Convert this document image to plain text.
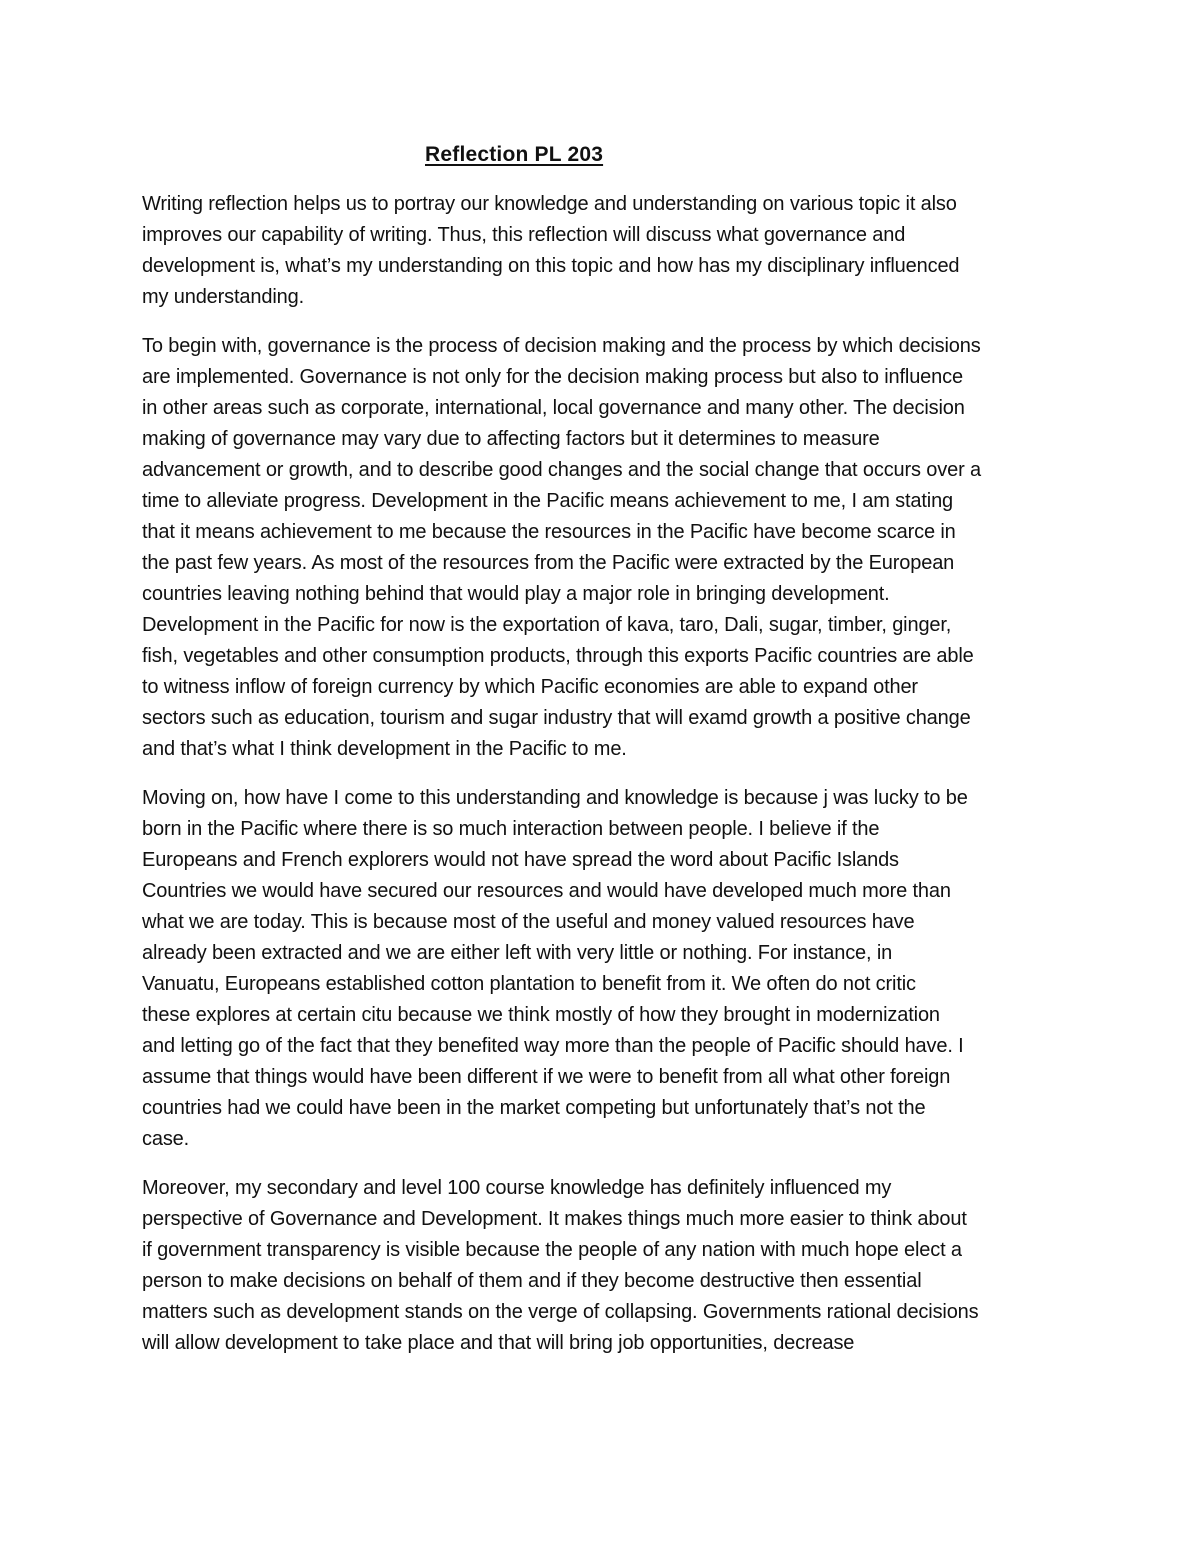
Reflection PL 203

Writing reflection helps us to portray our knowledge and understanding on various topic it also
improves our capability of writing. Thus, this reflection will discuss what governance and
development is, what’s my understanding on this topic and how has my disciplinary influenced
my understanding.

To begin with, governance is the process of decision making and the process by which decisions
are implemented. Governance is not only for the decision making process but also to influence
in other areas such as corporate, international, local governance and many other. The decision
making of governance may vary due to affecting factors but it determines to measure
advancement or growth, and to describe good changes and the social change that occurs over a
time to alleviate progress. Development in the Pacific means achievement to me, I am stating
that it means achievement to me because the resources in the Pacific have become scarce in
the past few years. As most of the resources from the Pacific were extracted by the European
countries leaving nothing behind that would play a major role in bringing development.
Development in the Pacific for now is the exportation of kava, taro, Dali, sugar, timber, ginger,
fish, vegetables and other consumption products, through this exports Pacific countries are able
to witness inflow of foreign currency by which Pacific economies are able to expand other
sectors such as education, tourism and sugar industry that will examd growth a positive change
and that’s what I think development in the Pacific to me.

Moving on, how have I come to this understanding and knowledge is because j was lucky to be
born in the Pacific where there is so much interaction between people. I believe if the
Europeans and French explorers would not have spread the word about Pacific Islands
Countries we would have secured our resources and would have developed much more than
what we are today. This is because most of the useful and money valued resources have
already been extracted and we are either left with very little or nothing. For instance, in
Vanuatu, Europeans established cotton plantation to benefit from it. We often do not critic
these explores at certain citu because we think mostly of how they brought in modernization
and letting go of the fact that they benefited way more than the people of Pacific should have. I
assume that things would have been different if we were to benefit from all what other foreign
countries had we could have been in the market competing but unfortunately that’s not the
case.

Moreover, my secondary and level 100 course knowledge has definitely influenced my
perspective of Governance and Development. It makes things much more easier to think about
if government transparency is visible because the people of any nation with much hope elect a
person to make decisions on behalf of them and if they become destructive then essential
matters such as development stands on the verge of collapsing. Governments rational decisions
will allow development to take place and that will bring job opportunities, decrease
